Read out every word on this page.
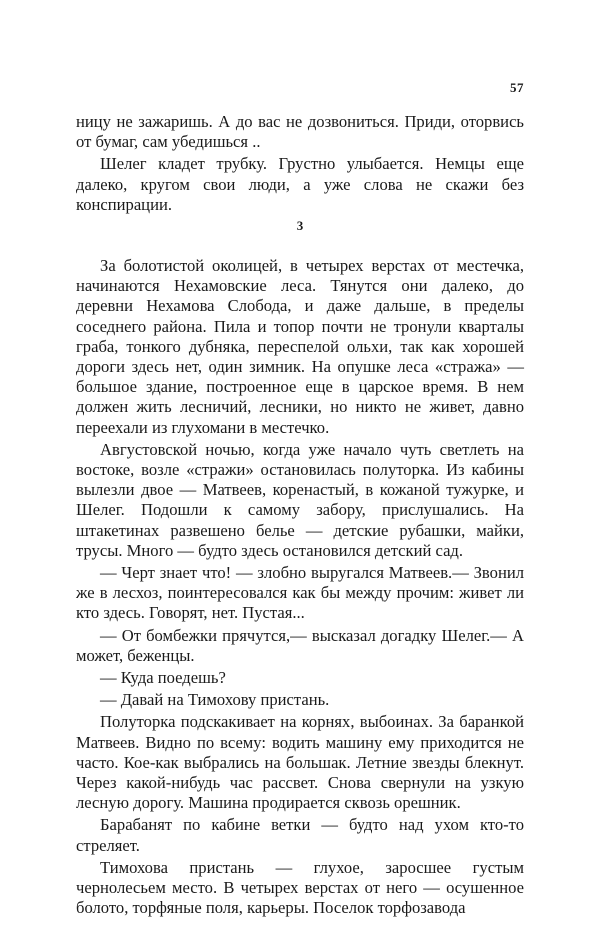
57

ницу не зажаришь. А до вас не дозвониться. Приди, оторвись от бумаг, сам убедишься ..

Шелег кладет трубку. Грустно улыбается. Немцы еще далеко, кругом свои люди, а уже слова не скажи без конспирации.

3

За болотистой околицей, в четырех верстах от местечка, начинаются Нехамовские леса. Тянутся они далеко, до деревни Нехамова Слобода, и даже дальше, в пределы соседнего района. Пила и топор почти не тронули кварталы граба, тонкого дубняка, переспелой ольхи, так как хорошей дороги здесь нет, один зимник. На опушке леса «стража» — большое здание, построенное еще в царское время. В нем должен жить лесничий, лесники, но никто не живет, давно переехали из глухомани в местечко.

Августовской ночью, когда уже начало чуть светлеть на востоке, возле «стражи» остановилась полуторка. Из кабины вылезли двое — Матвеев, коренастый, в кожаной тужурке, и Шелег. Подошли к самому забору, прислушались. На штакетинах развешено белье — детские рубашки, майки, трусы. Много — будто здесь остановился детский сад.

— Черт знает что! — злобно выругался Матвеев.— Звонил же в лесхоз, поинтересовался как бы между прочим: живет ли кто здесь. Говорят, нет. Пустая...

— От бомбежки прячутся,— высказал догадку Шелег.— А может, беженцы.

— Куда поедешь?

— Давай на Тимохову пристань.

Полуторка подскакивает на корнях, выбоинах. За баранкой Матвеев. Видно по всему: водить машину ему приходится не часто. Кое-как выбрались на большак. Летние звезды блекнут. Через какой-нибудь час рассвет. Снова свернули на узкую лесную дорогу. Машина продирается сквозь орешник.

Барабанят по кабине ветки — будто над ухом кто-то стреляет.

Тимохова пристань — глухое, заросшее густым чернолесьем место. В четырех верстах от него — осушенное болото, торфяные поля, карьеры. Поселок торфозавода
